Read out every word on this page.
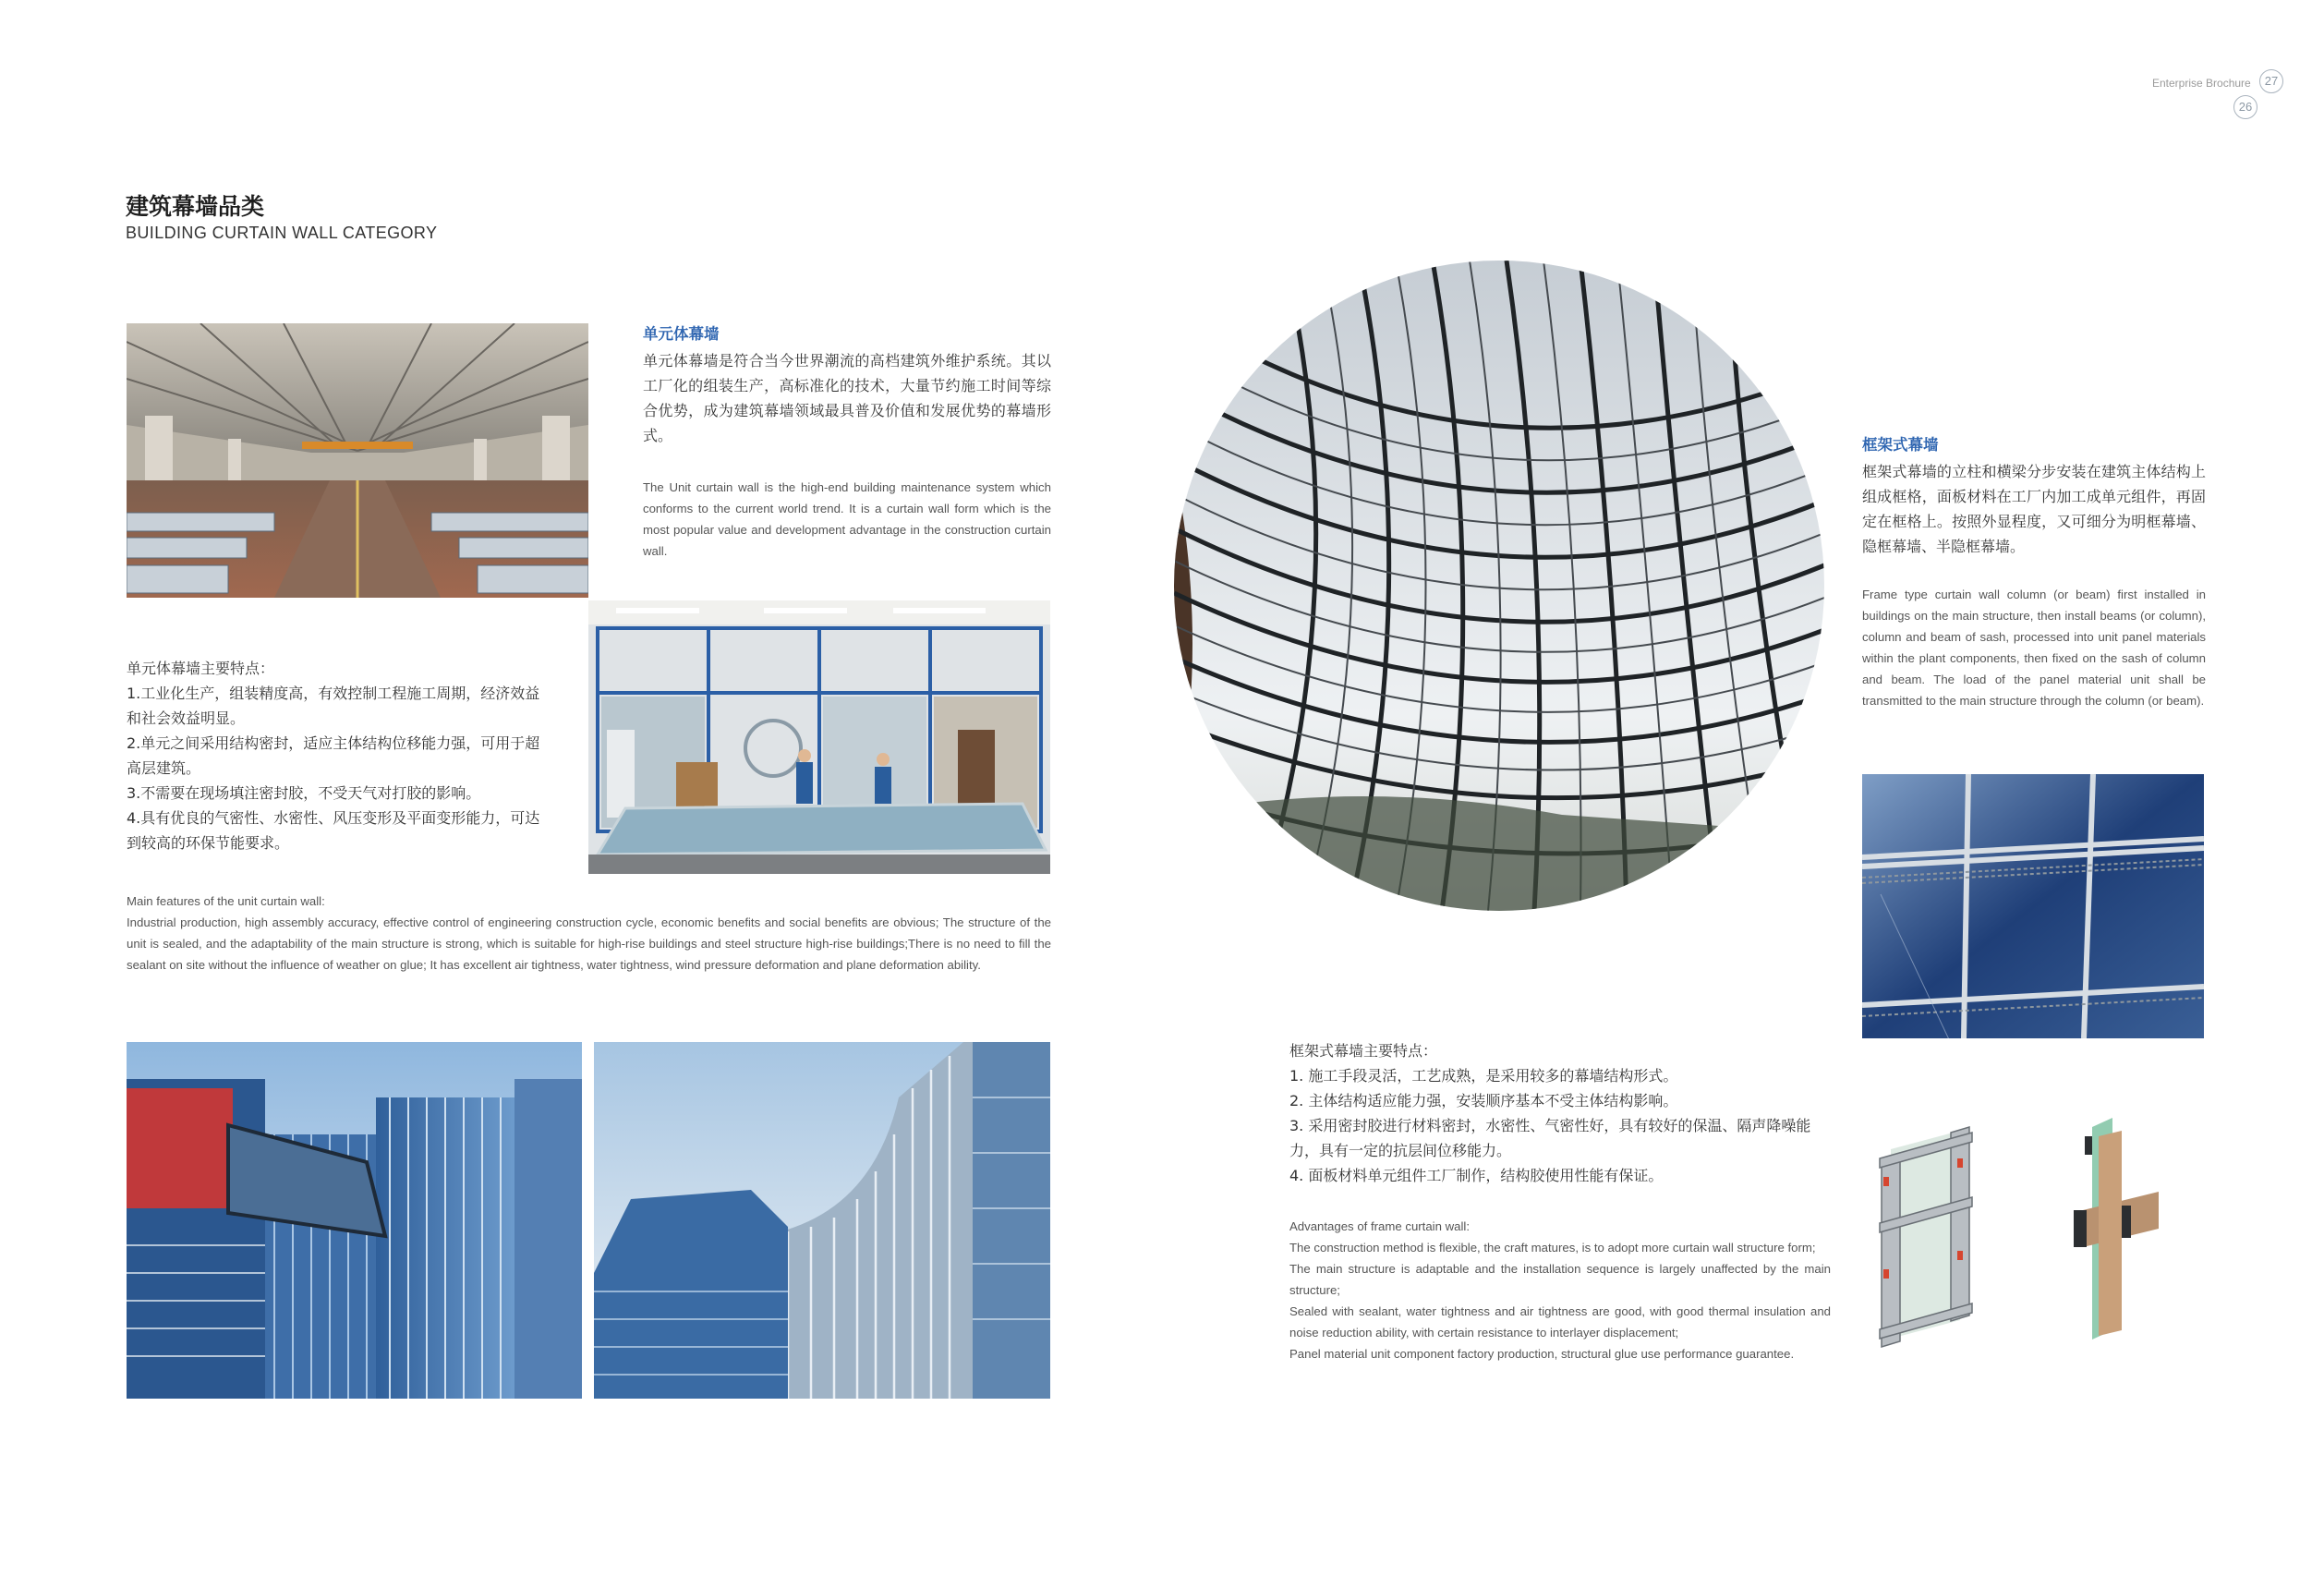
Enterprise Brochure	27
26
建筑幕墙品类
BUILDING CURTAIN WALL CATEGORY
单元体幕墙
单元体幕墙是符合当今世界潮流的高档建筑外维护系统。其以工厂化的组装生产，高标准化的技术，大量节约施工时间等综合优势，成为建筑幕墙领域最具普及价值和发展优势的幕墙形式。
The Unit curtain wall is the high-end building maintenance system which conforms to the current world trend. It is a curtain wall form which is the most popular value and development advantage in the construction curtain wall.
单元体幕墙主要特点：
1.工业化生产，组装精度高，有效控制工程施工周期，经济效益和社会效益明显。
2.单元之间采用结构密封，适应主体结构位移能力强，可用于超高层建筑。
3.不需要在现场填注密封胶，不受天气对打胶的影响。
4.具有优良的气密性、水密性、风压变形及平面变形能力，可达到较高的环保节能要求。
Main features of the unit curtain wall:
Industrial production, high assembly accuracy, effective control of engineering construction cycle, economic benefits and social benefits are obvious; The structure of the unit is sealed, and the adaptability of the main structure is strong, which is suitable for high-rise buildings and steel structure high-rise buildings;There is no need to fill the sealant on site without the influence of weather on glue; It has excellent air tightness, water tightness, wind pressure deformation and plane deformation ability.
框架式幕墙
框架式幕墙的立柱和横梁分步安装在建筑主体结构上组成框格，面板材料在工厂内加工成单元组件，再固定在框格上。按照外显程度，又可细分为明框幕墙、隐框幕墙、半隐框幕墙。
Frame type curtain wall column (or beam) first installed in buildings on the main structure, then install beams (or column), column and beam of sash, processed into unit panel materials within the plant components, then fixed on the sash of column and beam. The load of the panel material unit shall be transmitted to the main structure through the column (or beam).
框架式幕墙主要特点：
1. 施工手段灵活，工艺成熟，是采用较多的幕墙结构形式。
2. 主体结构适应能力强，安装顺序基本不受主体结构影响。
3. 采用密封胶进行材料密封，水密性、气密性好，具有较好的保温、隔声降噪能力，具有一定的抗层间位移能力。
4. 面板材料单元组件工厂制作，结构胶使用性能有保证。
Advantages of frame curtain wall:
The construction method is flexible, the craft matures, is to adopt more curtain wall structure form;
The main structure is adaptable and the installation sequence is largely unaffected by the main structure;
Sealed with sealant, water tightness and air tightness are good, with good thermal insulation and noise reduction ability, with certain resistance to interlayer displacement;
Panel material unit component factory production, structural glue use performance guarantee.
